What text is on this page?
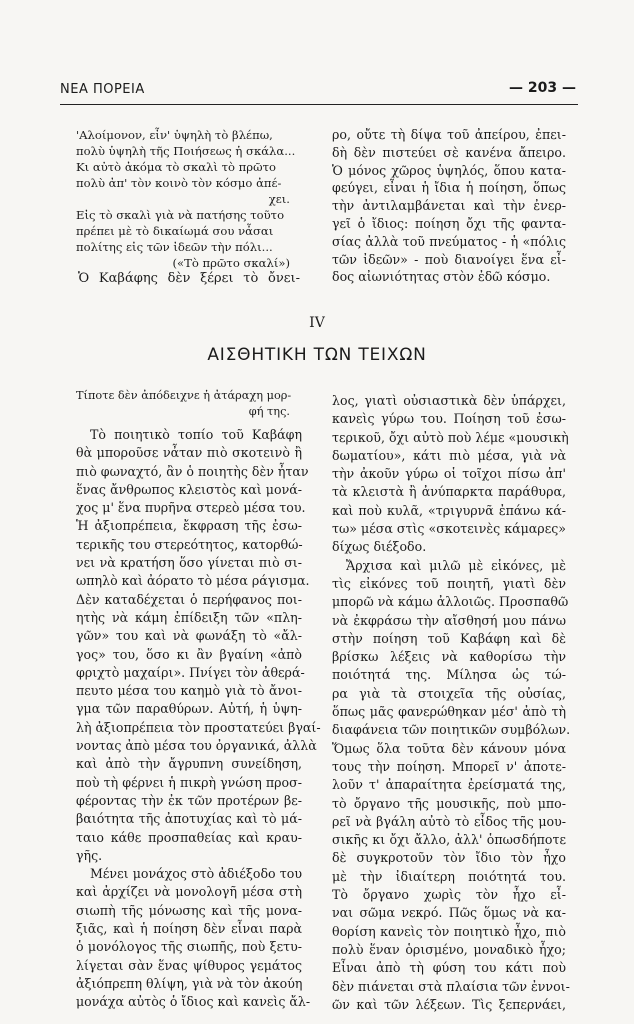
ΝΕΑ ΠΟΡΕΙΑ	— 203 —
'Αλοίμονον, εἶν' ὑψηλὴ τὸ βλέπω,
πολὺ ὑψηλὴ τῆς Ποιήσεως ἡ σκάλα...
Κι αὐτὸ ἀκόμα τὸ σκαλὶ τὸ πρῶτο
πολὺ ἀπ' τὸν κοινὸ τὸν κόσμο ἀπέ-
χει.
Εἰς τὸ σκαλὶ γιὰ νὰ πατήσης τοῦτο
πρέπει μὲ τὸ δικαίωμά σου νἆσαι
πολίτης εἰς τῶν ἰδεῶν τὴν πόλι...
(«Τὸ πρῶτο σκαλί»)
Ὁ Καβάφης δὲν ξέρει τὸ ὄνει-
ρο, οὔτε τὴ δίψα τοῦ ἀπείρου, ἐπει-
δὴ δὲν πιστεύει σὲ κανένα ἄπειρο.
Ὁ μόνος χῶρος ὑψηλός, ὅπου κατα-
φεύγει, εἶναι ἡ ἴδια ἡ ποίηση, ὅπως
τὴν ἀντιλαμβάνεται καὶ τὴν ἐνερ-
γεῖ ὁ ἴδιος: ποίηση ὄχι τῆς φαντα-
σίας ἀλλὰ τοῦ πνεύματος - ἡ «πόλις
τῶν ἰδεῶν» - ποὺ διανοίγει ἕνα εἶ-
δος αἰωνιότητας στὸν ἐδῶ κόσμο.
IV
ΑΙΣΘΗΤΙΚΗ ΤΩΝ ΤΕΙΧΩΝ
Τίποτε δὲν ἀπόδειχνε ἡ ἀτάραχη μορ-
φή της.
Τὸ ποιητικὸ τοπίο τοῦ Καβάφη
θὰ μποροῦσε νἆταν πιὸ σκοτεινὸ ἢ
πιὸ φωναχτό, ἂν ὁ ποιητὴς δὲν ἦταν
ἕνας ἄνθρωπος κλειστὸς καὶ μονά-
χος μ' ἕνα πυρῆνα στερεὸ μέσα του.
Ἡ ἀξιοπρέπεια, ἔκφραση τῆς ἐσω-
τερικῆς του στερεότητος, κατορθώ-
νει νὰ κρατήση ὅσο γίνεται πιὸ σι-
ωπηλὸ καὶ ἀόρατο τὸ μέσα ράγισμα.
Δὲν καταδέχεται ὁ περήφανος ποι-
ητὴς νὰ κάμη ἐπίδειξη τῶν «πλη-
γῶν» του καὶ νὰ φωνάξη τὸ «ἄλ-
γος» του, ὅσο κι ἂν βγαίνη «ἀπὸ
φριχτὸ μαχαίρι». Πνίγει τὸν ἀθερά-
πευτο μέσα του καημὸ γιὰ τὸ ἄνοι-
γμα τῶν παραθύρων. Αὐτή, ἡ ὑψη-
λὴ ἀξιοπρέπεια τὸν προστατεύει βγαί-
νοντας ἀπὸ μέσα του ὀργανικά, ἀλλὰ
καὶ ἀπὸ τὴν ἄγρυπνη συνείδηση,
ποὺ τὴ φέρνει ἡ πικρὴ γνώση προσ-
φέροντας τὴν ἐκ τῶν προτέρων βε-
βαιότητα τῆς ἀποτυχίας καὶ τὸ μά-
ταιο κάθε προσπαθείας καὶ κραυ-
γῆς.
Μένει μονάχος στὸ ἀδιέξοδο του
καὶ ἀρχίζει νὰ μονολογῆ μέσα στὴ
σιωπὴ τῆς μόνωσης καὶ τῆς μονα-
ξιᾶς, καὶ ἡ ποίηση δὲν εἶναι παρὰ
ὁ μονόλογος τῆς σιωπῆς, ποὺ ξετυ-
λίγεται σὰν ἕνας ψίθυρος γεμάτος
ἀξιόπρεπη θλίψη, γιὰ νὰ τὸν ἀκούη
μονάχα αὐτὸς ὁ ἴδιος καὶ κανεὶς ἄλ-
λος, γιατὶ οὐσιαστικὰ δὲν ὑπάρχει,
κανεὶς γύρω του. Ποίηση τοῦ ἐσω-
τερικοῦ, ὄχι αὐτὸ ποὺ λέμε «μουσικὴ
δωματίου», κάτι πιὸ μέσα, γιὰ νὰ
τὴν ἀκοῦν γύρω οἱ τοῖχοι πίσω ἀπ'
τὰ κλειστὰ ἢ ἀνύπαρκτα παράθυρα,
καὶ ποὺ κυλᾶ, «τριγυρνᾶ ἐπάνω κά-
τω» μέσα στὶς «σκοτεινὲς κάμαρες»
δίχως διέξοδο.
Ἄρχισα καὶ μιλῶ μὲ εἰκόνες, μὲ
τὶς εἰκόνες τοῦ ποιητῆ, γιατὶ δὲν
μπορῶ νὰ κάμω ἀλλοιῶς. Προσπαθῶ
νὰ ἐκφράσω τὴν αἴσθησή μου πάνω
στὴν ποίηση τοῦ Καβάφη καὶ δὲ
βρίσκω λέξεις νὰ καθορίσω τὴν
ποιότητά της. Μίλησα ὡς τώ-
ρα γιὰ τὰ στοιχεῖα τῆς οὐσίας,
ὅπως μᾶς φανερώθηκαν μέσ' ἀπὸ τὴ
διαφάνεια τῶν ποιητικῶν συμβόλων.
Ὅμως ὅλα τοῦτα δὲν κάνουν μόνα
τους τὴν ποίηση. Μπορεῖ ν' ἀποτε-
λοῦν τ' ἀπαραίτητα ἐρείσματά της,
τὸ ὄργανο τῆς μουσικῆς, ποὺ μπο-
ρεῖ νὰ βγάλη αὐτὸ τὸ εἶδος τῆς μου-
σικῆς κι ὄχι ἄλλο, ἀλλ' ὁπωσδήποτε
δὲ συγκροτοῦν τὸν ἴδιο τὸν ἦχο
μὲ τὴν ἰδιαίτερη ποιότητά του.
Τὸ ὄργανο χωρὶς τὸν ἦχο εἶ-
ναι σῶμα νεκρό. Πῶς ὅμως νὰ κα-
θορίση κανεὶς τὸν ποιητικὸ ἦχο, πιὸ
πολὺ ἕναν ὁρισμένο, μοναδικὸ ἦχο;
Εἶναι ἀπὸ τὴ φύση του κάτι ποὺ
δὲν πιάνεται στὰ πλαίσια τῶν ἐννοι-
ῶν καὶ τῶν λέξεων. Τὶς ξεπερνάει,
